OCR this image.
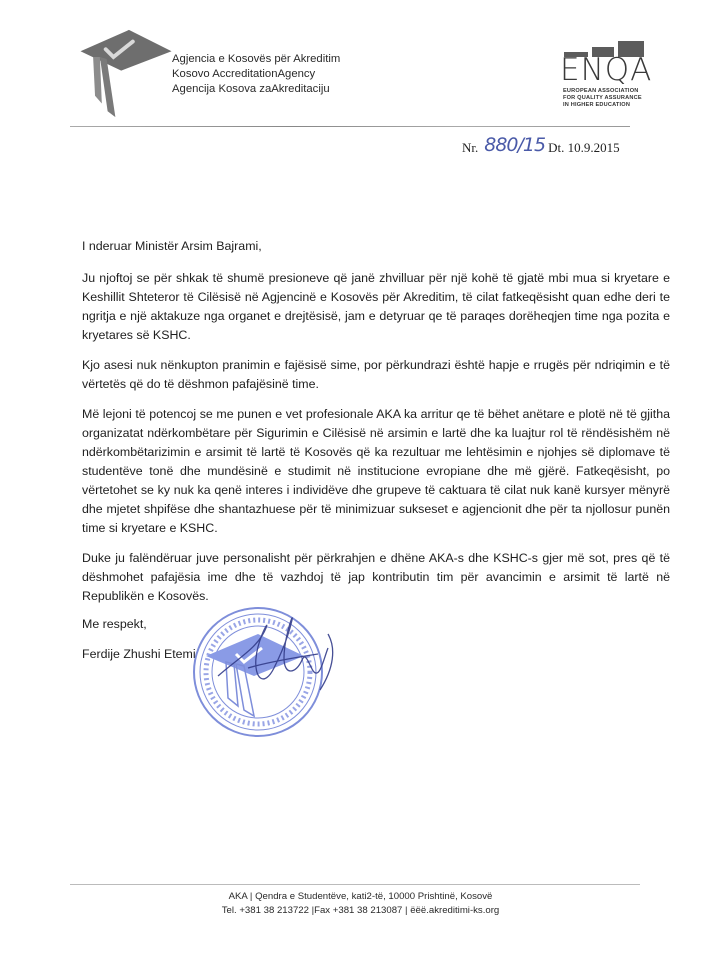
Agjencia e Kosovës për Akreditim
Kosovo AccreditationAgency
Agencija Kosova zaAkreditaciju
ENQA
EUROPEAN ASSOCIATION
FOR QUALITY ASSURANCE
IN HIGHER EDUCATION
Nr. 880/15 Dt.
10.9.2015

I nderuar Ministër Arsim Bajrami,

Ju njoftoj se për shkak të shumë presioneve që janë zhvilluar për një kohë të gjatë mbi mua si kryetare e Keshillit Shteteror të Cilësisë në Agjencinë e Kosovës për Akreditim, të cilat fatkeqësisht quan edhe deri te ngritja e një aktakuze nga organet e drejtësisë, jam e detyruar qe të paraqes dorëheqjen time nga pozita e kryetares së KSHC.

Kjo asesi nuk nënkupton pranimin e fajësisë sime, por përkundrazi është hapje e rrugës për ndriqimin e të vërtetës që do të dëshmon pafajësinë time.

Më lejoni të potencoj se me punen e vet profesionale AKA ka arritur qe të bëhet anëtare e plotë në të gjitha organizatat ndërkombëtare për Sigurimin e Cilësisë në arsimin e lartë dhe ka luajtur rol të rëndësishëm në ndërkombëtarizimin e arsimit të lartë të Kosovës që ka rezultuar me lehtësimin e njohjes së diplomave të studentëve tonë dhe mundësinë e studimit në institucione evropiane dhe më gjërë. Fatkeqësisht, po vërtetohet se ky nuk ka qenë interes i individëve dhe grupeve të caktuara të cilat nuk kanë kursyer mënyrë dhe mjetet shpifëse dhe shantazhuese për të minimizuar sukseset e agjencionit dhe për ta njollosur punën time si kryetare e KSHC.

Duke ju falëndëruar juve personalisht për përkrahjen e dhëne AKA-s dhe KSHC-s gjer më sot, pres që të dëshmohet pafajësia ime dhe të vazhdoj të jap kontributin tim për avancimin e arsimit të lartë në Republikën e Kosovës.

Me respekt,
Ferdije Zhushi Etemi
AKA | Qendra e Studentëve, kati2-të, 10000 Prishtinë, Kosovë
Tel. +381 38 213722 |Fax +381 38 213087 | ëëë.akreditimi-ks.org
